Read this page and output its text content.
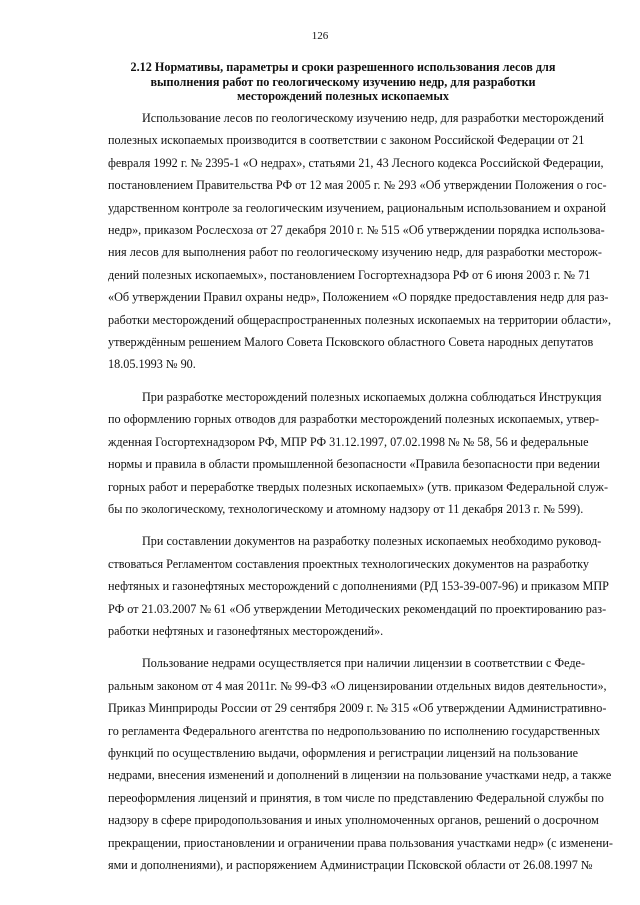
126
2.12 Нормативы, параметры и сроки разрешенного использования лесов для
выполнения работ по геологическому изучению недр, для разработки
месторождений полезных ископаемых
Использование лесов по геологическому изучению недр, для разработки месторождений
полезных ископаемых производится в соответствии с законом Российской Федерации от 21
февраля 1992 г. № 2395-1 «О недрах», статьями 21, 43 Лесного кодекса Российской Федерации,
постановлением Правительства РФ от 12 мая 2005 г. № 293 «Об утверждении Положения о гос-
ударственном контроле за геологическим изучением, рациональным использованием и охраной
недр», приказом Рослесхоза от 27 декабря 2010 г. № 515 «Об утверждении порядка использова-
ния лесов для выполнения работ по геологическому изучению недр, для разработки месторож-
дений полезных ископаемых», постановлением Госгортехнадзора РФ от 6 июня 2003 г. № 71
«Об утверждении Правил охраны недр», Положением «О порядке предоставления недр для раз-
работки месторождений общераспространенных полезных ископаемых на территории области»,
утверждённым решением Малого Совета Псковского областного Совета народных депутатов
18.05.1993 № 90.
При разработке месторождений полезных ископаемых должна соблюдаться Инструкция
по оформлению горных отводов для разработки месторождений полезных ископаемых, утвер-
жденная Госгортехнадзором РФ, МПР РФ 31.12.1997, 07.02.1998 № № 58, 56 и федеральные
нормы и правила в области промышленной безопасности «Правила безопасности при ведении
горных работ и переработке твердых полезных ископаемых» (утв. приказом Федеральной служ-
бы по экологическому, технологическому и атомному надзору от 11 декабря 2013 г. № 599).
При составлении документов на разработку полезных ископаемых необходимо руковод-
ствоваться Регламентом составления проектных технологических документов на разработку
нефтяных и газонефтяных месторождений с дополнениями (РД 153-39-007-96) и приказом МПР
РФ от 21.03.2007 № 61 «Об утверждении Методических рекомендаций по проектированию раз-
работки нефтяных и газонефтяных месторождений».
Пользование недрами осуществляется при наличии лицензии в соответствии с Феде-
ральным законом от 4 мая 2011г. № 99-ФЗ «О лицензировании отдельных видов деятельности»,
Приказ Минприроды России от 29 сентября 2009 г. № 315 «Об утверждении Административно-
го регламента Федерального агентства по недропользованию по исполнению государственных
функций по осуществлению выдачи, оформления и регистрации лицензий на пользование
недрами, внесения изменений и дополнений в лицензии на пользование участками недр, а также
переоформления лицензий и принятия, в том числе по представлению Федеральной службы по
надзору в сфере природопользования и иных уполномоченных органов, решений о досрочном
прекращении, приостановлении и ограничении права пользования участками недр» (с изменени-
ями и дополнениями), и распоряжением Администрации Псковской области от 26.08.1997 №
